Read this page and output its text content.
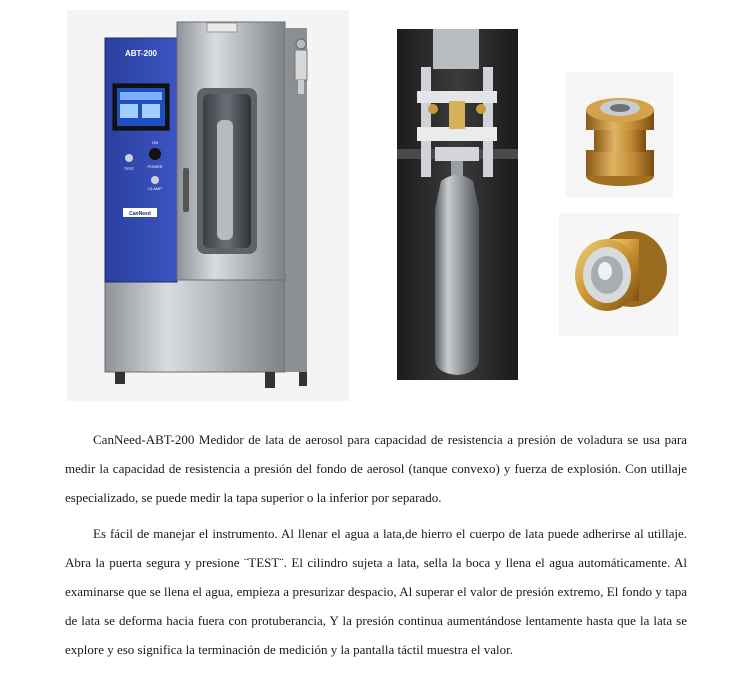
ABT-200
TEST	POWER
ON
CLAMP
CanNeed

CanNeed-ABT-200 Medidor de lata de aerosol para capacidad de resistencia a presión de voladura se usa para medir la capacidad de resistencia a presión del fondo de aerosol (tanque convexo) y fuerza de explosión. Con utillaje especializado, se puede medir la tapa superior o la inferior por separado.

Es fácil de manejar el instrumento. Al llenar el agua a lata,de hierro el cuerpo de lata puede adherirse al utillaje. Abra la puerta segura y presione ¨TEST¨. El cilindro sujeta a lata, sella la boca y llena el agua automáticamente. Al examinarse que se llena el agua, empieza a presurizar despacio, Al superar el valor de presión extremo, El fondo y tapa de lata se deforma hacia fuera con protuberancia, Y la presión continua aumentándose lentamente hasta que la lata se explore y eso significa la terminación de medición y la pantalla táctil muestra el valor.
